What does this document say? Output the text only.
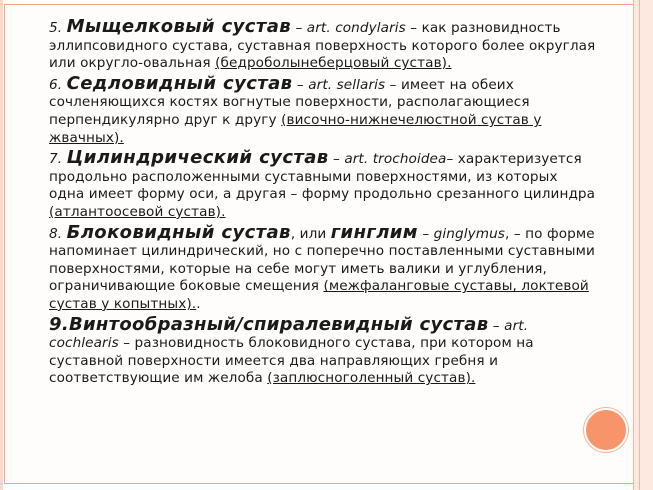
5. Мыщелковый сустав – art. condylaris – как разновидность эллипсовидного сустава, суставная поверхность которого более округлая или округло-овальная (бедроболынеберцовый сустав).

6. Седловидный сустав – art. sellaris – имеет на обеих сочленяющихся костях вогнутые поверхности, располагающиеся перпендикулярно друг к другу (височно-нижнечелюстной сустав у жвачных).

7. Цилиндрический сустав – art. trochoidea– характеризуется продольно расположенными суставными поверхностями, из которых одна имеет форму оси, а другая – форму продольно срезанного цилиндра (атлантоосевой сустав).

8. Блоковидный сустав, или гинглим – ginglymus, – по форме напоминает цилиндрический, но с поперечно поставленными суставными поверхностями, которые на себе могут иметь валики и углубления, ограничивающие боковые смещения (межфаланговые суставы, локтевой сустав у копытных)..

9.Винтообразный/спиралевидный сустав – art. cochlearis – разновидность блоковидного сустава, при котором на суставной поверхности имеется два направляющих гребня и соответствующие им желоба (заплюсноголенный сустав).
